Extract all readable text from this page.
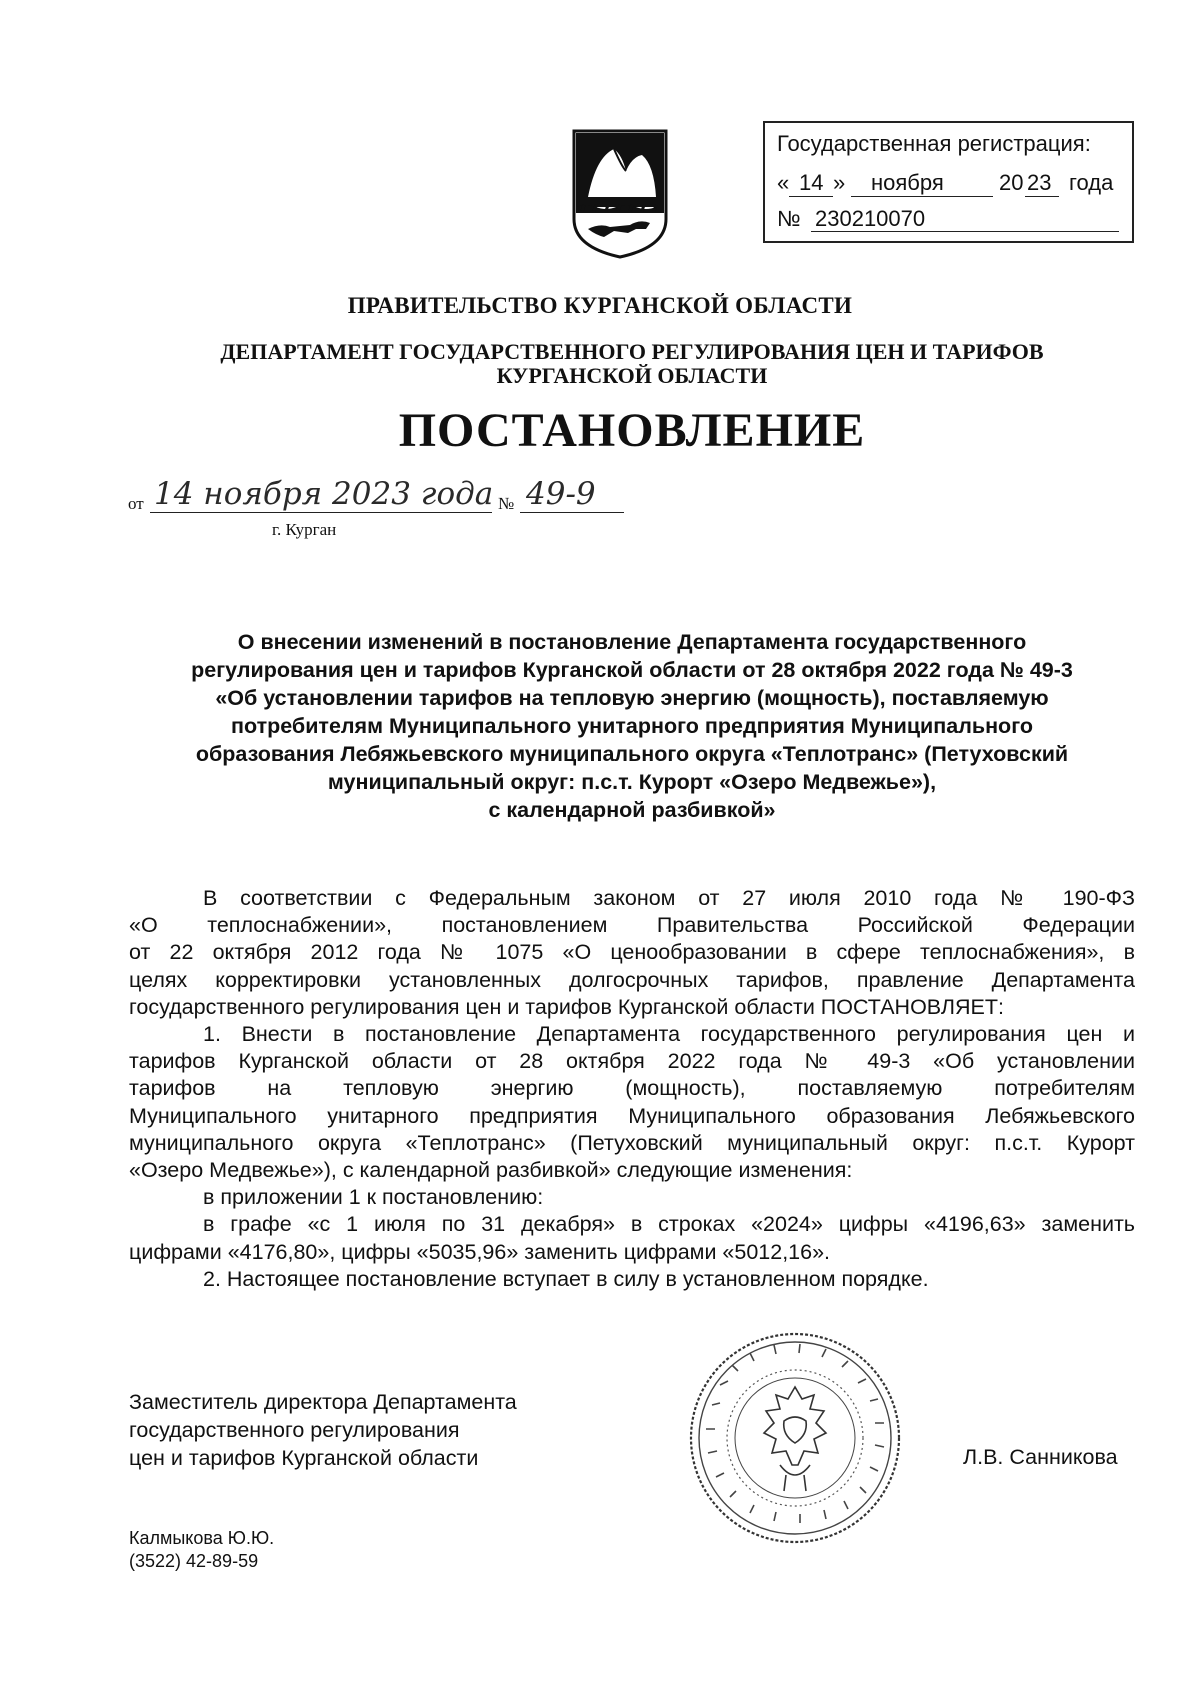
Государственная регистрация:
« 14 » ноября	20 23 года
№ 230210070
ПРАВИТЕЛЬСТВО КУРГАНСКОЙ ОБЛАСТИ
ДЕПАРТАМЕНТ ГОСУДАРСТВЕННОГО РЕГУЛИРОВАНИЯ ЦЕН И ТАРИФОВ
КУРГАНСКОЙ ОБЛАСТИ
ПОСТАНОВЛЕНИЕ
от 14 ноября 2023 года № 49-9
г. Курган
О внесении изменений в постановление Департамента государственного
регулирования цен и тарифов Курганской области от 28 октября 2022 года № 49-3
«Об установлении тарифов на тепловую энергию (мощность), поставляемую
потребителям Муниципального унитарного предприятия Муниципального
образования Лебяжьевского муниципального округа «Теплотранс» (Петуховский
муниципальный округ: п.с.т. Курорт «Озеро Медвежье»),
с календарной разбивкой»
В соответствии с Федеральным законом от 27 июля 2010 года № 190-ФЗ
«О теплоснабжении», постановлением Правительства Российской Федерации
от 22 октября 2012 года № 1075 «О ценообразовании в сфере теплоснабжения», в
целях корректировки установленных долгосрочных тарифов, правление Департамента
государственного регулирования цен и тарифов Курганской области ПОСТАНОВЛЯЕТ:
1. Внести в постановление Департамента государственного регулирования цен и
тарифов Курганской области от 28 октября 2022 года № 49-3 «Об установлении
тарифов на тепловую энергию (мощность), поставляемую потребителям
Муниципального унитарного предприятия Муниципального образования Лебяжьевского
муниципального округа «Теплотранс» (Петуховский муниципальный округ: п.с.т. Курорт
«Озеро Медвежье»), с календарной разбивкой» следующие изменения:
в приложении 1 к постановлению:
в графе «с 1 июля по 31 декабря» в строках «2024» цифры «4196,63» заменить
цифрами «4176,80», цифры «5035,96» заменить цифрами «5012,16».
2. Настоящее постановление вступает в силу в установленном порядке.
Заместитель директора Департамента
государственного регулирования
цен и тарифов Курганской области	Л.В. Санникова
Калмыкова Ю.Ю.
(3522) 42-89-59
